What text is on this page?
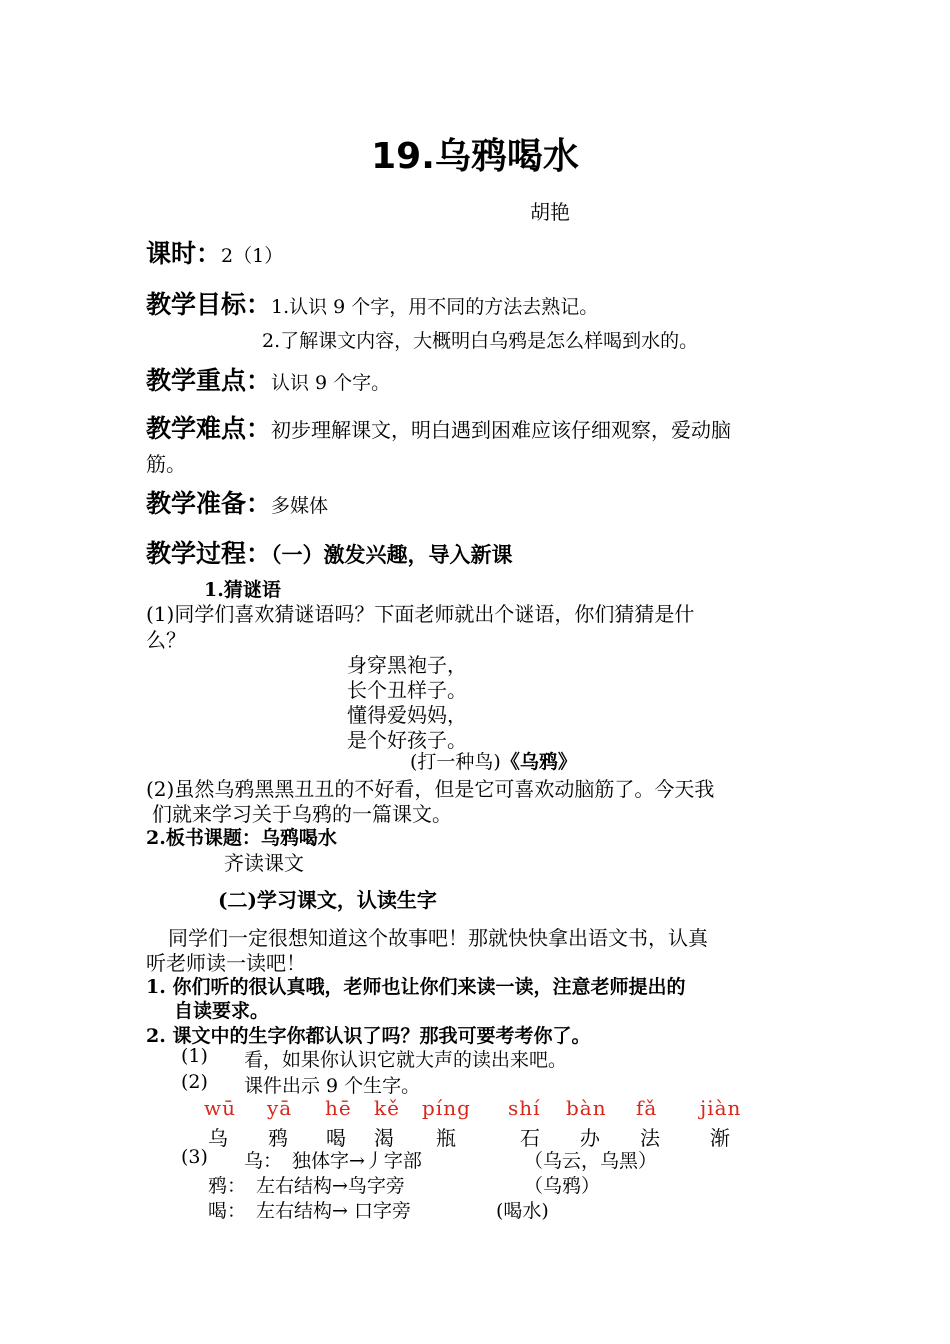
19.乌鸦喝水
胡艳
课时：2（1）
教学目标：1.认识 9 个字，用不同的方法去熟记。
2.了解课文内容，大概明白乌鸦是怎么样喝到水的。
教学重点：认识 9 个字。
教学难点：初步理解课文，明白遇到困难应该仔细观察，爱动脑
筋。
教学准备：多媒体
教学过程：（一）激发兴趣，导入新课
1.猜谜语
(1)同学们喜欢猜谜语吗？下面老师就出个谜语，你们猜猜是什
么？
身穿黑袍子，
长个丑样子。
懂得爱妈妈，
是个好孩子。
(打一种鸟)《乌鸦》
(2)虽然乌鸦黑黑丑丑的不好看，但是它可喜欢动脑筋了。今天我
们就来学习关于乌鸦的一篇课文。
2.板书课题：乌鸦喝水
齐读课文
(二)学习课文，认读生字
同学们一定很想知道这个故事吧！那就快快拿出语文书，认真
听老师读一读吧！
1. 你们听的很认真哦，老师也让你们来读一读，注意老师提出的
自读要求。
2. 课文中的生字你都认识了吗？那我可要考考你了。
(1) 看，如果你认识它就大声的读出来吧。
(2) 课件出示 9 个生字。
wū yā hē kě píng shí bàn fǎ jiàn
乌 鸦 喝 渴 瓶	石 办 法	渐
(3) 乌： 独体字→丿字部	（乌云，乌黑）
鸦： 左右结构→鸟字旁	（乌鸦）
喝： 左右结构→ 口字旁	(喝水)
